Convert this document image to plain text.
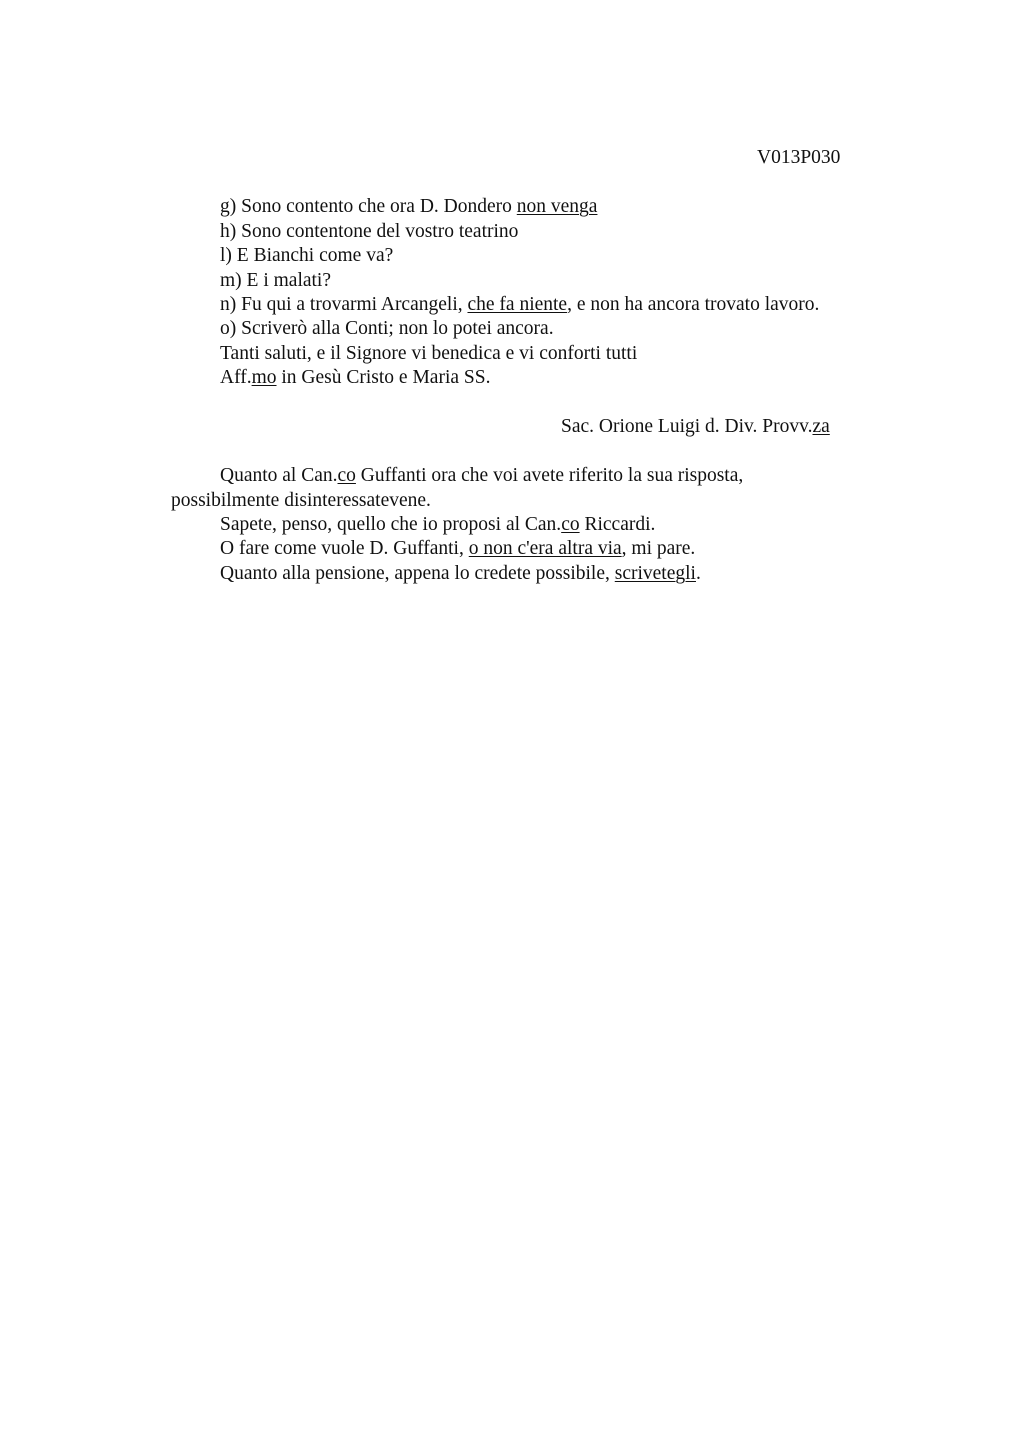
V013P030
g) Sono contento che ora D. Dondero non venga
h) Sono contentone del vostro teatrino
l) E Bianchi come va?
m) E i malati?
n) Fu qui a trovarmi Arcangeli, che fa niente, e non ha ancora trovato lavoro.
o) Scriverò alla Conti; non lo potei ancora.
Tanti saluti, e il Signore vi benedica e vi conforti tutti
Aff.mo in Gesù Cristo e Maria SS.
Sac. Orione Luigi d. Div. Provv.za
Quanto al Can.co Guffanti ora che voi avete riferito la sua risposta,
possibilmente disinteressatevene.
Sapete, penso, quello che io proposi al Can.co Riccardi.
O fare come vuole D. Guffanti, o non c'era altra via, mi pare.
Quanto alla pensione, appena lo credete possibile, scrivetegli.
